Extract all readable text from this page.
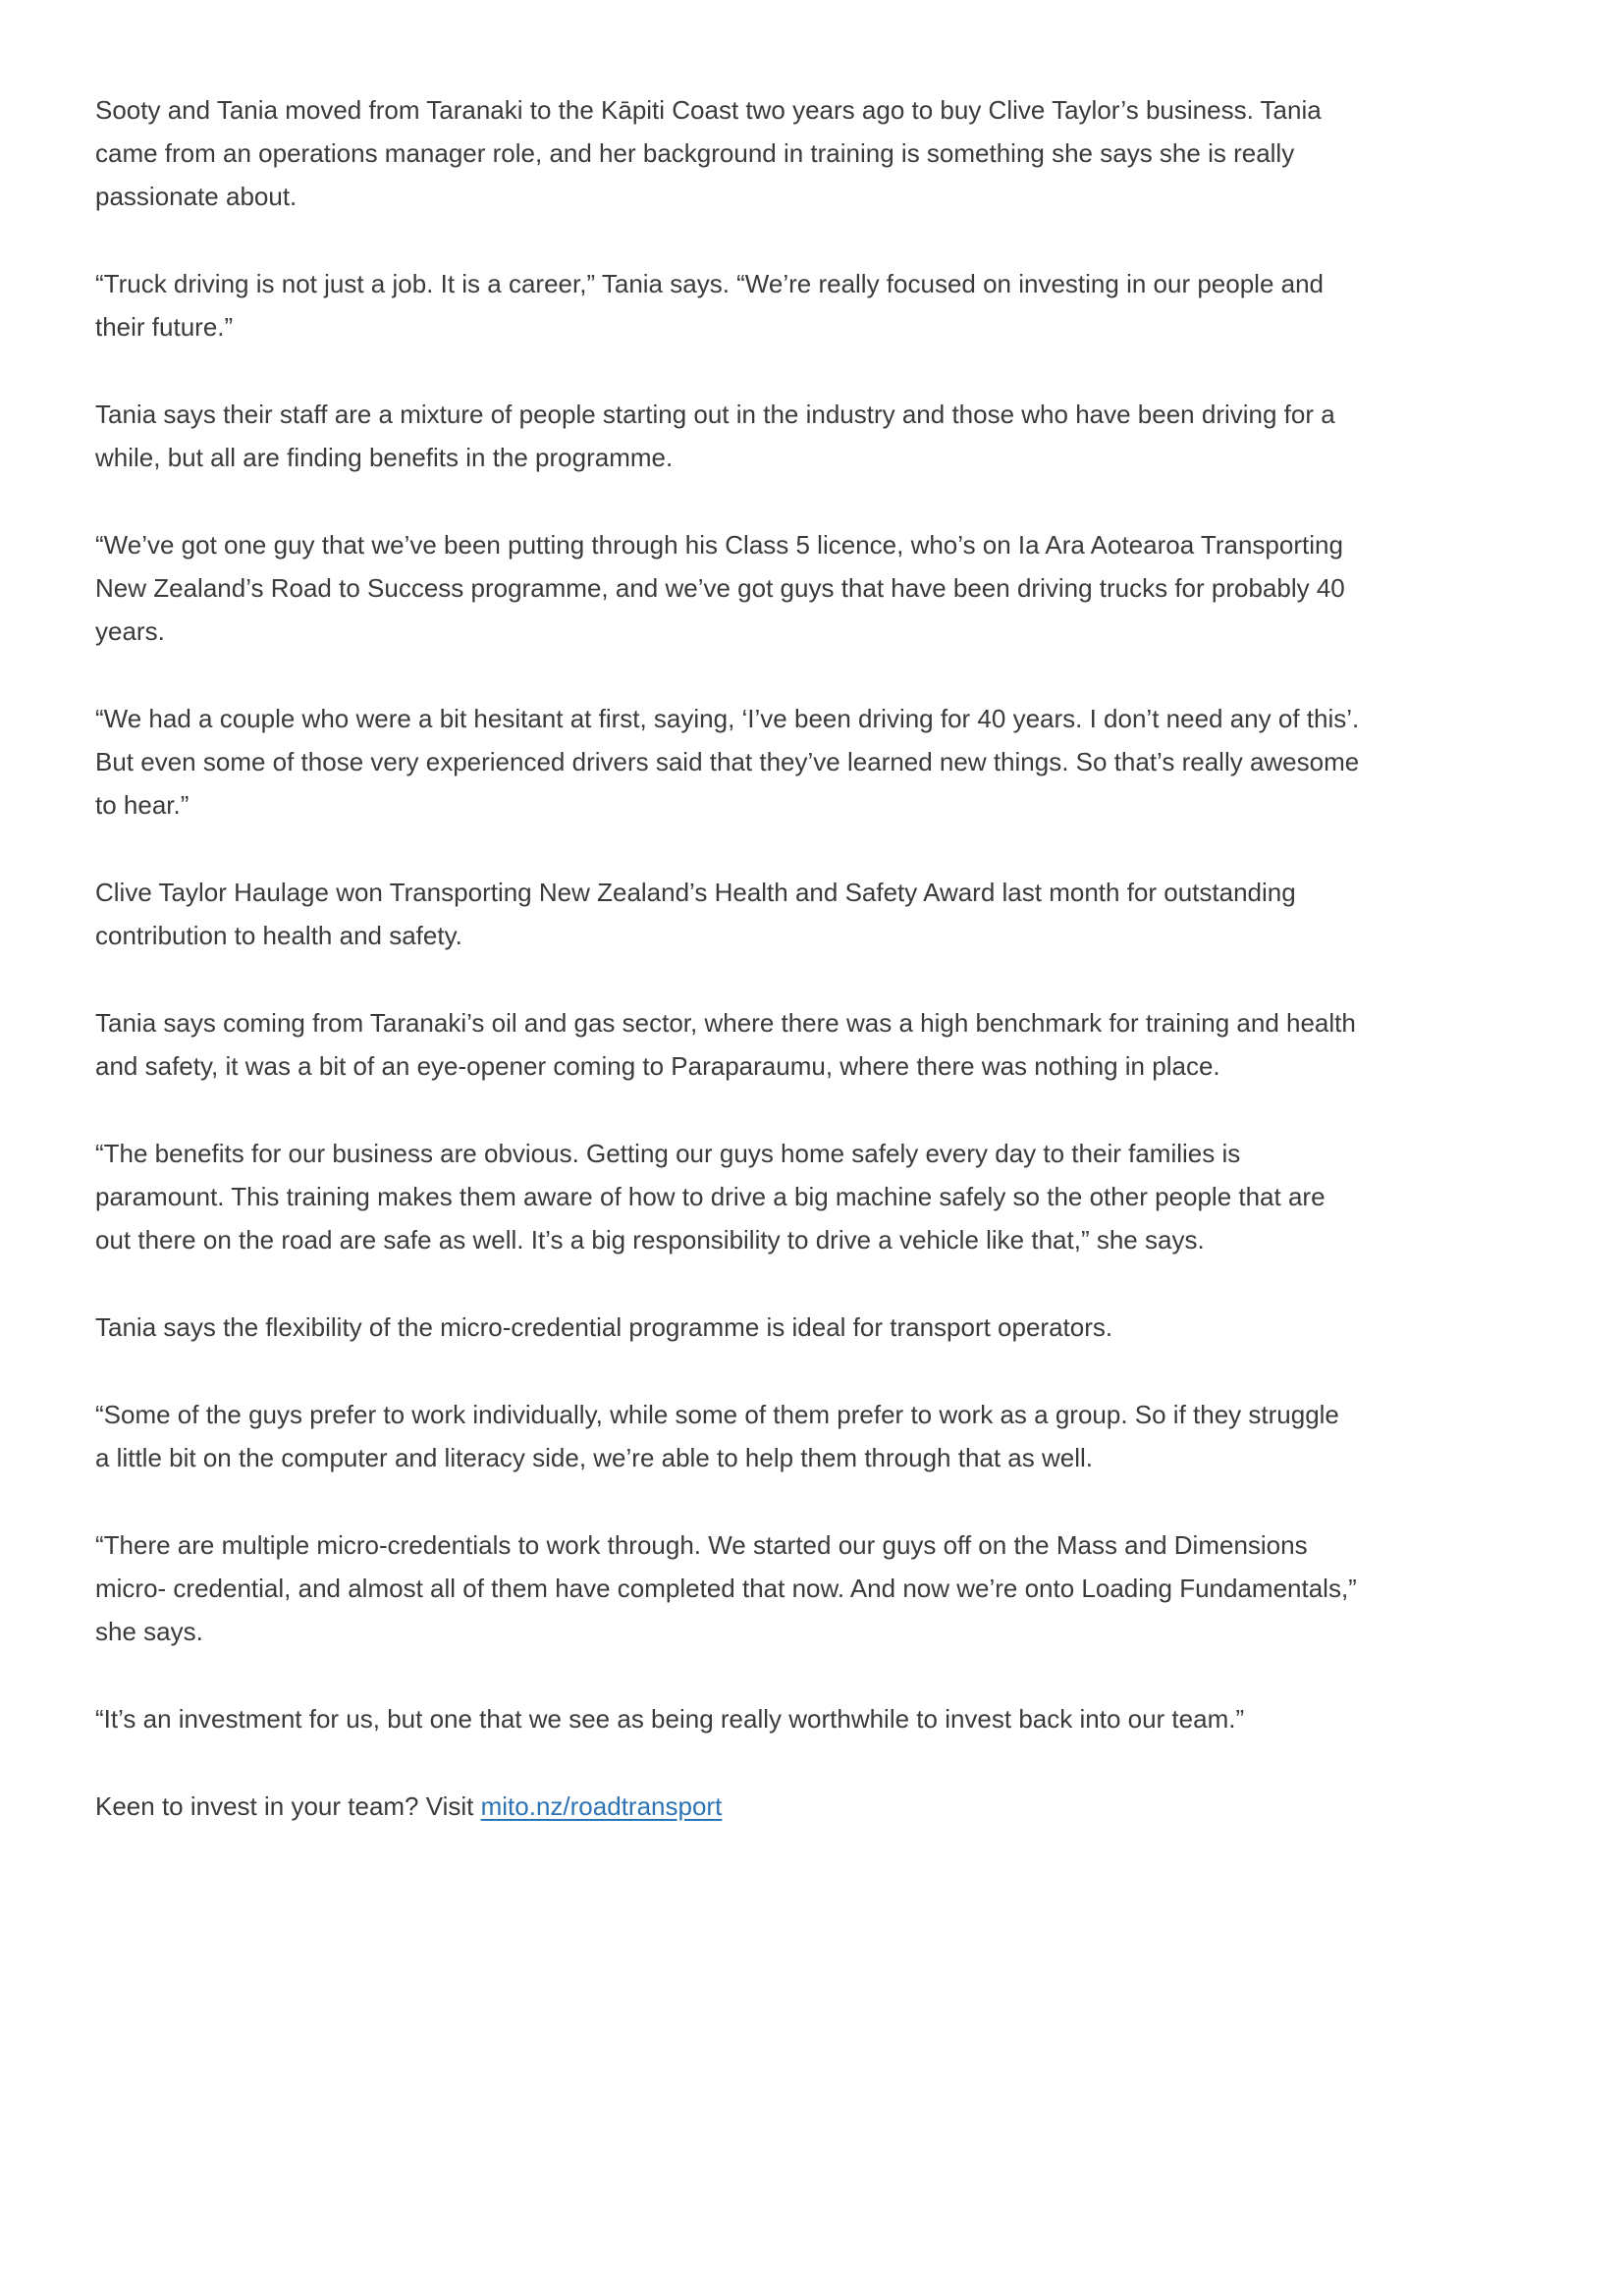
Sooty and Tania moved from Taranaki to the Kāpiti Coast two years ago to buy Clive Taylor’s business. Tania
came from an operations manager role, and her background in training is something she says she is really
passionate about.

“Truck driving is not just a job. It is a career,” Tania says. “We’re really focused on investing in our people and
their future.”

Tania says their staff are a mixture of people starting out in the industry and those who have been driving for a
while, but all are finding benefits in the programme.

“We’ve got one guy that we’ve been putting through his Class 5 licence, who’s on Ia Ara Aotearoa Transporting
New Zealand’s Road to Success programme, and we’ve got guys that have been driving trucks for probably 40
years.

“We had a couple who were a bit hesitant at first, saying, ‘I’ve been driving for 40 years. I don’t need any of this’.
But even some of those very experienced drivers said that they’ve learned new things. So that’s really awesome
to hear.”

Clive Taylor Haulage won Transporting New Zealand’s Health and Safety Award last month for outstanding
contribution to health and safety.

Tania says coming from Taranaki’s oil and gas sector, where there was a high benchmark for training and health
and safety, it was a bit of an eye-opener coming to Paraparaumu, where there was nothing in place.

“The benefits for our business are obvious. Getting our guys home safely every day to their families is
paramount. This training makes them aware of how to drive a big machine safely so the other people that are
out there on the road are safe as well. It’s a big responsibility to drive a vehicle like that,” she says.

Tania says the flexibility of the micro-credential programme is ideal for transport operators.

“Some of the guys prefer to work individually, while some of them prefer to work as a group. So if they struggle
a little bit on the computer and literacy side, we’re able to help them through that as well.

“There are multiple micro-credentials to work through. We started our guys off on the Mass and Dimensions
micro- credential, and almost all of them have completed that now. And now we’re onto Loading Fundamentals,”
she says.

“It’s an investment for us, but one that we see as being really worthwhile to invest back into our team.”

Keen to invest in your team? Visit mito.nz/roadtransport
